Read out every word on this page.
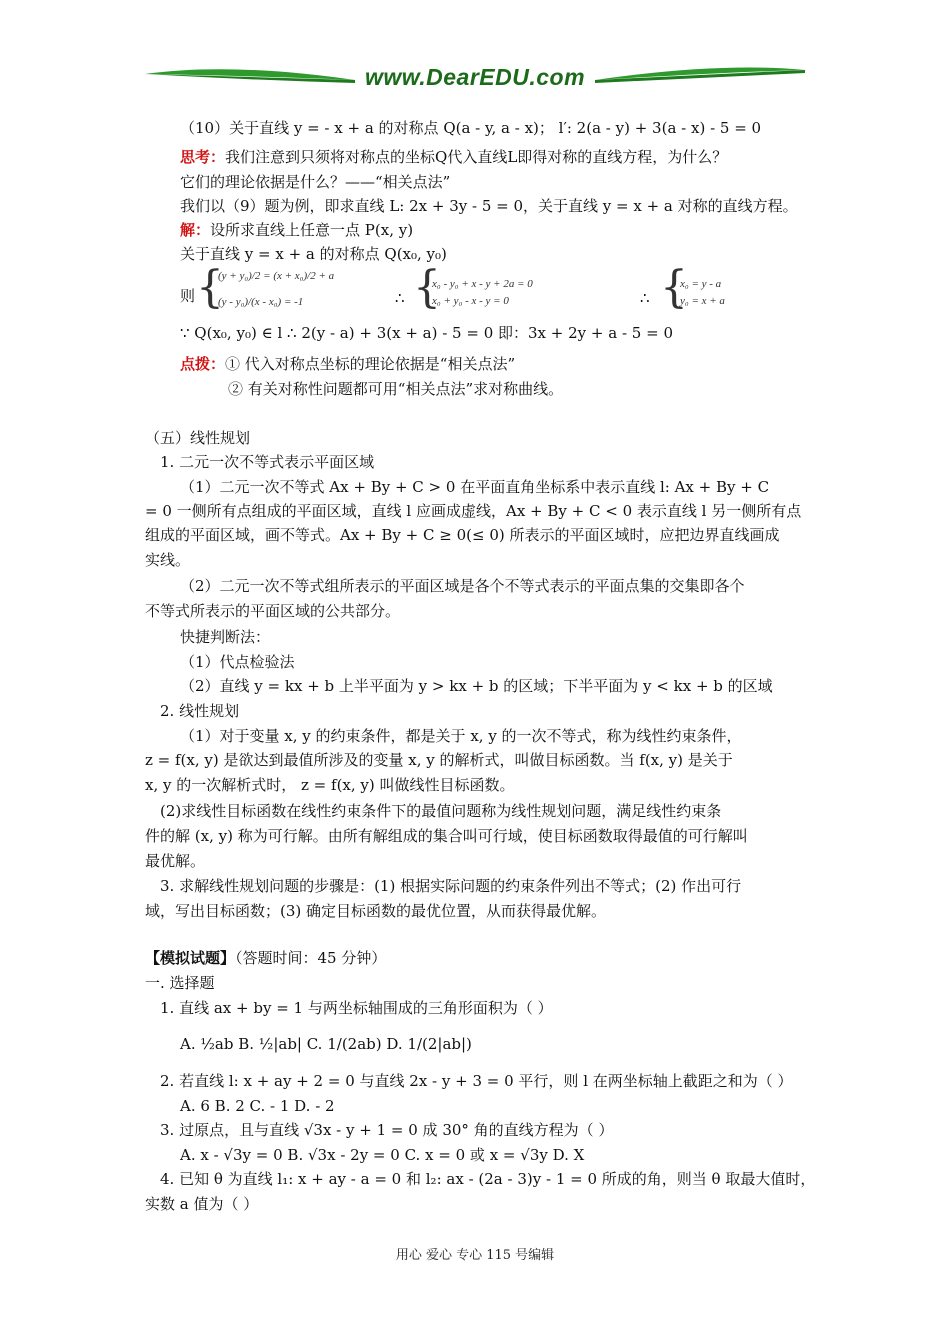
www.DearEDU.com
（10）关于直线 y = - x + a 的对称点 Q(a - y, a - x)； l′: 2(a - y) + 3(a - x) - 5 = 0
思考：我们注意到只须将对称点的坐标Q代入直线L即得对称的直线方程，为什么？
它们的理论依据是什么？——“相关点法”
我们以（9）题为例，即求直线 L: 2x + 3y - 5 = 0，关于直线 y = x + a 对称的直线方程。
解：设所求直线上任意一点 P(x, y)
关于直线 y = x + a 的对称点 Q(x₀, y₀)
则 {
(y + y₀)/2 = (x + x₀)/2 + a
(y - y₀)/(x - x₀) = -1	∴ {
x₀ - y₀ + x - y + 2a = 0
x₀ + y₀ - x - y = 0	∴ {
x₀ = y - a
y₀ = x + a
∵ Q(x₀, y₀) ∈ l ∴ 2(y - a) + 3(x + a) - 5 = 0 即：3x + 2y + a - 5 = 0
点拨：① 代入对称点坐标的理论依据是“相关点法”
② 有关对称性问题都可用“相关点法”求对称曲线。
（五）线性规划
1. 二元一次不等式表示平面区域
（1）二元一次不等式 Ax + By + C > 0 在平面直角坐标系中表示直线 l: Ax + By + C
= 0 一侧所有点组成的平面区域，直线 l 应画成虚线，Ax + By + C < 0 表示直线 l 另一侧所有点
组成的平面区域，画不等式。Ax + By + C ≥ 0(≤ 0) 所表示的平面区域时，应把边界直线画成
实线。
（2）二元一次不等式组所表示的平面区域是各个不等式表示的平面点集的交集即各个
不等式所表示的平面区域的公共部分。
快捷判断法：
（1）代点检验法
（2）直线 y = kx + b 上半平面为 y > kx + b 的区域；下半平面为 y < kx + b 的区域
2. 线性规划
（1）对于变量 x, y 的约束条件，都是关于 x, y 的一次不等式，称为线性约束条件，
z = f(x, y) 是欲达到最值所涉及的变量 x, y 的解析式，叫做目标函数。当 f(x, y) 是关于
x, y 的一次解析式时， z = f(x, y) 叫做线性目标函数。
(2)求线性目标函数在线性约束条件下的最值问题称为线性规划问题，满足线性约束条
件的解 (x, y) 称为可行解。由所有解组成的集合叫可行域，使目标函数取得最值的可行解叫
最优解。
3. 求解线性规划问题的步骤是：(1) 根据实际问题的约束条件列出不等式；(2) 作出可行
域，写出目标函数；(3) 确定目标函数的最优位置，从而获得最优解。
【模拟试题】（答题时间：45 分钟）
一. 选择题
1. 直线 ax + by = 1 与两坐标轴围成的三角形面积为（ ）
A. ½ab B. ½|ab| C. 1/(2ab) D. 1/(2|ab|)
2. 若直线 l: x + ay + 2 = 0 与直线 2x - y + 3 = 0 平行，则 l 在两坐标轴上截距之和为（ ）
A. 6 B. 2 C. - 1 D. - 2
3. 过原点，且与直线 √3x - y + 1 = 0 成 30° 角的直线方程为（ ）
A. x - √3y = 0 B. √3x - 2y = 0 C. x = 0 或 x = √3y D. X
4. 已知 θ 为直线 l₁: x + ay - a = 0 和 l₂: ax - (2a - 3)y - 1 = 0 所成的角，则当 θ 取最大值时，
实数 a 值为（ ）
用心 爱心 专心 115 号编辑
